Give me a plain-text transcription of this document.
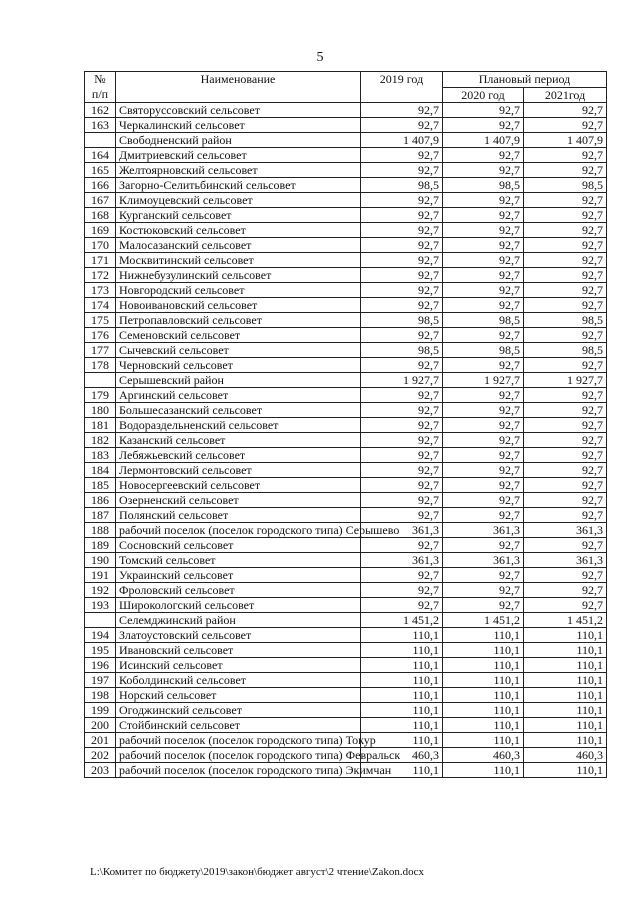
5
№
п/п	Наименование	2019 год	Плановый период	
			2020 год	2021год
162	Святоруссовский сельсовет	92,7	92,7	92,7
163	Черкалинский сельсовет	92,7	92,7	92,7
	Свободненский район	1 407,9	1 407,9	1 407,9
164	Дмитриевский сельсовет	92,7	92,7	92,7
165	Желтоярновский сельсовет	92,7	92,7	92,7
166	Загорно-Селитьбинский сельсовет	98,5	98,5	98,5
167	Климоуцевский сельсовет	92,7	92,7	92,7
168	Курганский сельсовет	92,7	92,7	92,7
169	Костюковский сельсовет	92,7	92,7	92,7
170	Малосазанский сельсовет	92,7	92,7	92,7
171	Москвитинский сельсовет	92,7	92,7	92,7
172	Нижнебузулинский сельсовет	92,7	92,7	92,7
173	Новгородский сельсовет	92,7	92,7	92,7
174	Новоивановский сельсовет	92,7	92,7	92,7
175	Петропавловский сельсовет	98,5	98,5	98,5
176	Семеновский сельсовет	92,7	92,7	92,7
177	Сычевский сельсовет	98,5	98,5	98,5
178	Черновский сельсовет	92,7	92,7	92,7
	Серышевский район	1 927,7	1 927,7	1 927,7
179	Аргинский сельсовет	92,7	92,7	92,7
180	Большесазанский сельсовет	92,7	92,7	92,7
181	Водораздельненский сельсовет	92,7	92,7	92,7
182	Казанский сельсовет	92,7	92,7	92,7
183	Лебяжьевский сельсовет	92,7	92,7	92,7
184	Лермонтовский сельсовет	92,7	92,7	92,7
185	Новосергеевский сельсовет	92,7	92,7	92,7
186	Озерненский сельсовет	92,7	92,7	92,7
187	Полянский сельсовет	92,7	92,7	92,7
188	рабочий поселок (поселок городского типа) Серышево	361,3	361,3	361,3
189	Сосновский сельсовет	92,7	92,7	92,7
190	Томский сельсовет	361,3	361,3	361,3
191	Украинский сельсовет	92,7	92,7	92,7
192	Фроловский сельсовет	92,7	92,7	92,7
193	Широкологский сельсовет	92,7	92,7	92,7
	Селемджинский район	1 451,2	1 451,2	1 451,2
194	Златоустовский сельсовет	110,1	110,1	110,1
195	Ивановский сельсовет	110,1	110,1	110,1
196	Исинский сельсовет	110,1	110,1	110,1
197	Коболдинский сельсовет	110,1	110,1	110,1
198	Норский сельсовет	110,1	110,1	110,1
199	Огоджинский сельсовет	110,1	110,1	110,1
200	Стойбинский сельсовет	110,1	110,1	110,1
201	рабочий поселок (поселок городского типа) Токур	110,1	110,1	110,1
202	рабочий поселок (поселок городского типа) Февральск	460,3	460,3	460,3
203	рабочий поселок (поселок городского типа) Экимчан	110,1	110,1	110,1
L:\Комитет по бюджету\2019\закон\бюджет август\2 чтение\Zakon.docx
